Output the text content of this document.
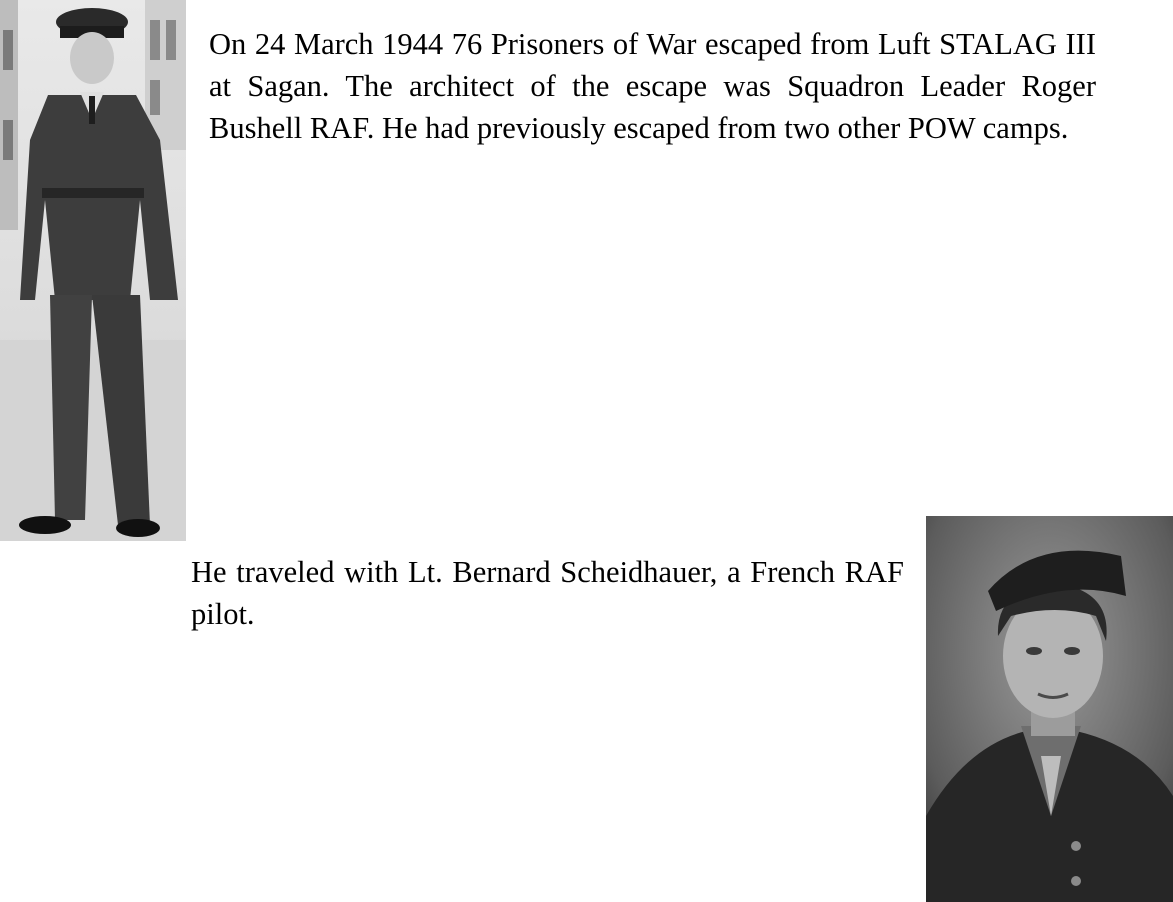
On 24 March 1944 76 Prisoners of War escaped from Luft STALAG III at Sagan. The architect of the escape was Squadron Leader Roger Bushell RAF. He had previously escaped from two other POW camps.

He traveled with Lt. Bernard Scheidhauer, a French RAF pilot.
